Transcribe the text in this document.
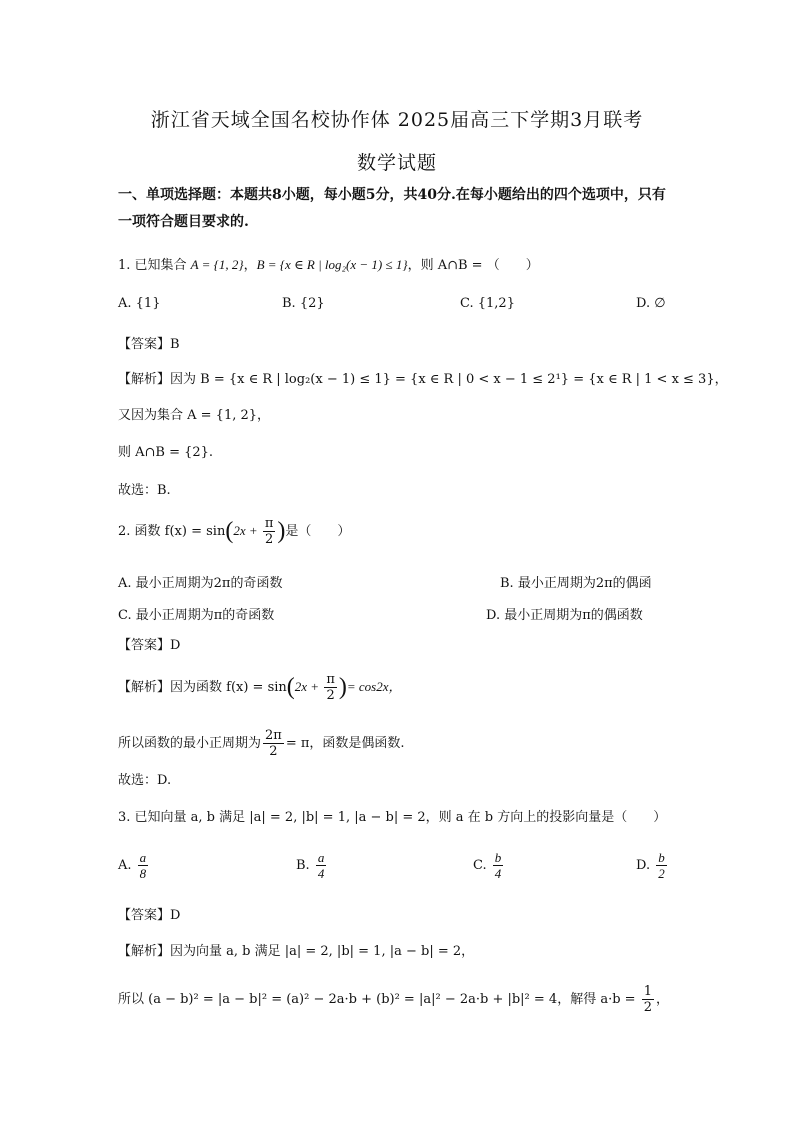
浙江省天域全国名校协作体 2025届高三下学期3月联考
数学试题
一、单项选择题：本题共8小题，每小题5分，共40分.在每小题给出的四个选项中，只有一项符合题目要求的.
1. 已知集合 A = {1, 2}，B = {x ∈ R | log₂(x − 1) ≤ 1}，则 A∩B = （　　）
A. {1}	B. {2}	C. {1,2}	D. ∅
【答案】B
【解析】因为 B = {x ∈ R | log₂(x − 1) ≤ 1} = {x ∈ R | 0 < x − 1 ≤ 2¹} = {x ∈ R | 1 < x ≤ 3}，
又因为集合 A = {1, 2}，
则 A∩B = {2}.
故选：B.
2. 函数 $f(x) = \sin(2x + \frac{\pi}{2}$ )是（　　）
A. 最小正周期为2π的奇函数	B. 最小正周期为2π的偶函
C. 最小正周期为π的奇函数	D. 最小正周期为π的偶函数
【答案】D
【解析】因为函数 $f(x) = \sin(2x + \frac{\pi}{2}$ )= cos2x，
所以函数的最小正周期为 $\frac{2\pi}{2} = \pi$，函数是偶函数.
故选：D.
3. 已知向量 a, b 满足 |a| = 2, |b| = 1, |a − b| = 2，则 a 在 b 方向上的投影向量是（　　）
A. $\frac{a}{8}$	B. $\frac{a}{4}$	C. $\frac{b}{4}$	D. $\frac{b}{2}$
【答案】D
【解析】因为向量 a, b 满足 |a| = 2, |b| = 1, |a − b| = 2，
所以 (a − b)² = |a − b|² = (a)² − 2a·b + (b)² = |a|² − 2a·b + |b|² = 4，解得 $a\cdot b = \frac{1}{2}$ ，
